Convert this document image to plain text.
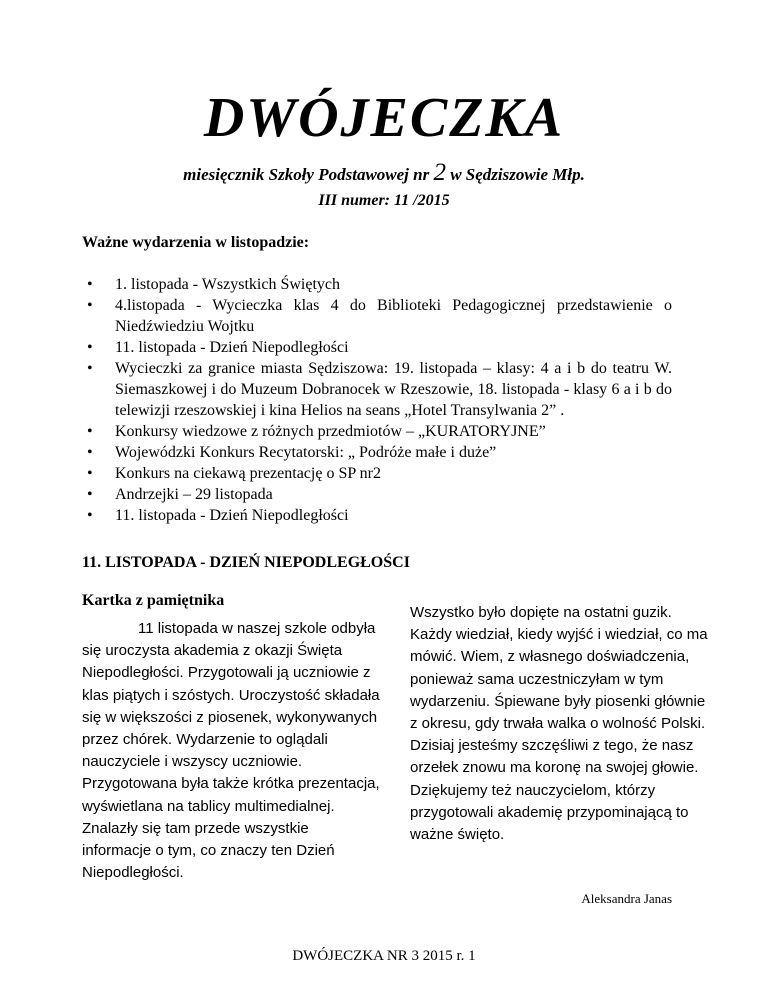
DWÓJECZKA
miesięcznik Szkoły Podstawowej nr 2 w Sędziszowie Młp.
III numer: 11 /2015
Ważne wydarzenia w listopadzie:
• 1. listopada - Wszystkich Świętych
• 4.listopada - Wycieczka klas 4 do Biblioteki Pedagogicznej przedstawienie o Niedźwiedziu Wojtku
• 11. listopada - Dzień Niepodległości
• Wycieczki za granice miasta Sędziszowa: 19. listopada – klasy: 4 a i b do teatru W. Siemaszkowej i do Muzeum Dobranocek w Rzeszowie, 18. listopada - klasy 6 a i b do telewizji rzeszowskiej i kina Helios na seans „Hotel Transylwania 2” .
• Konkursy wiedzowe z różnych przedmiotów – „KURATORYJNE”
• Wojewódzki Konkurs Recytatorski: „ Podróże małe i duże”
• Konkurs na ciekawą prezentację o SP nr2
• Andrzejki – 29 listopada
• 11. listopada - Dzień Niepodległości
11. LISTOPADA - DZIEŃ NIEPODLEGŁOŚCI
Kartka z pamiętnika
11 listopada w naszej szkole odbyła się uroczysta akademia z okazji Święta Niepodległości. Przygotowali ją uczniowie z klas piątych i szóstych. Uroczystość składała się w większości z piosenek, wykonywanych przez chórek. Wydarzenie to oglądali nauczyciele i wszyscy uczniowie. Przygotowana była także krótka prezentacja, wyświetlana na tablicy multimedialnej. Znalazły się tam przede wszystkie informacje o tym, co znaczy ten Dzień Niepodległości.
Wszystko było dopięte na ostatni guzik. Każdy wiedział, kiedy wyjść i wiedział, co ma mówić. Wiem, z własnego doświadczenia, ponieważ sama uczestniczyłam w tym wydarzeniu. Śpiewane były piosenki głównie z okresu, gdy trwała walka o wolność Polski. Dzisiaj jesteśmy szczęśliwi z tego, że nasz orzełek znowu ma koronę na swojej głowie. Dziękujemy też nauczycielom, którzy przygotowali akademię przypominającą to ważne święto.
Aleksandra Janas
DWÓJECZKA NR 3 2015 r. 1
